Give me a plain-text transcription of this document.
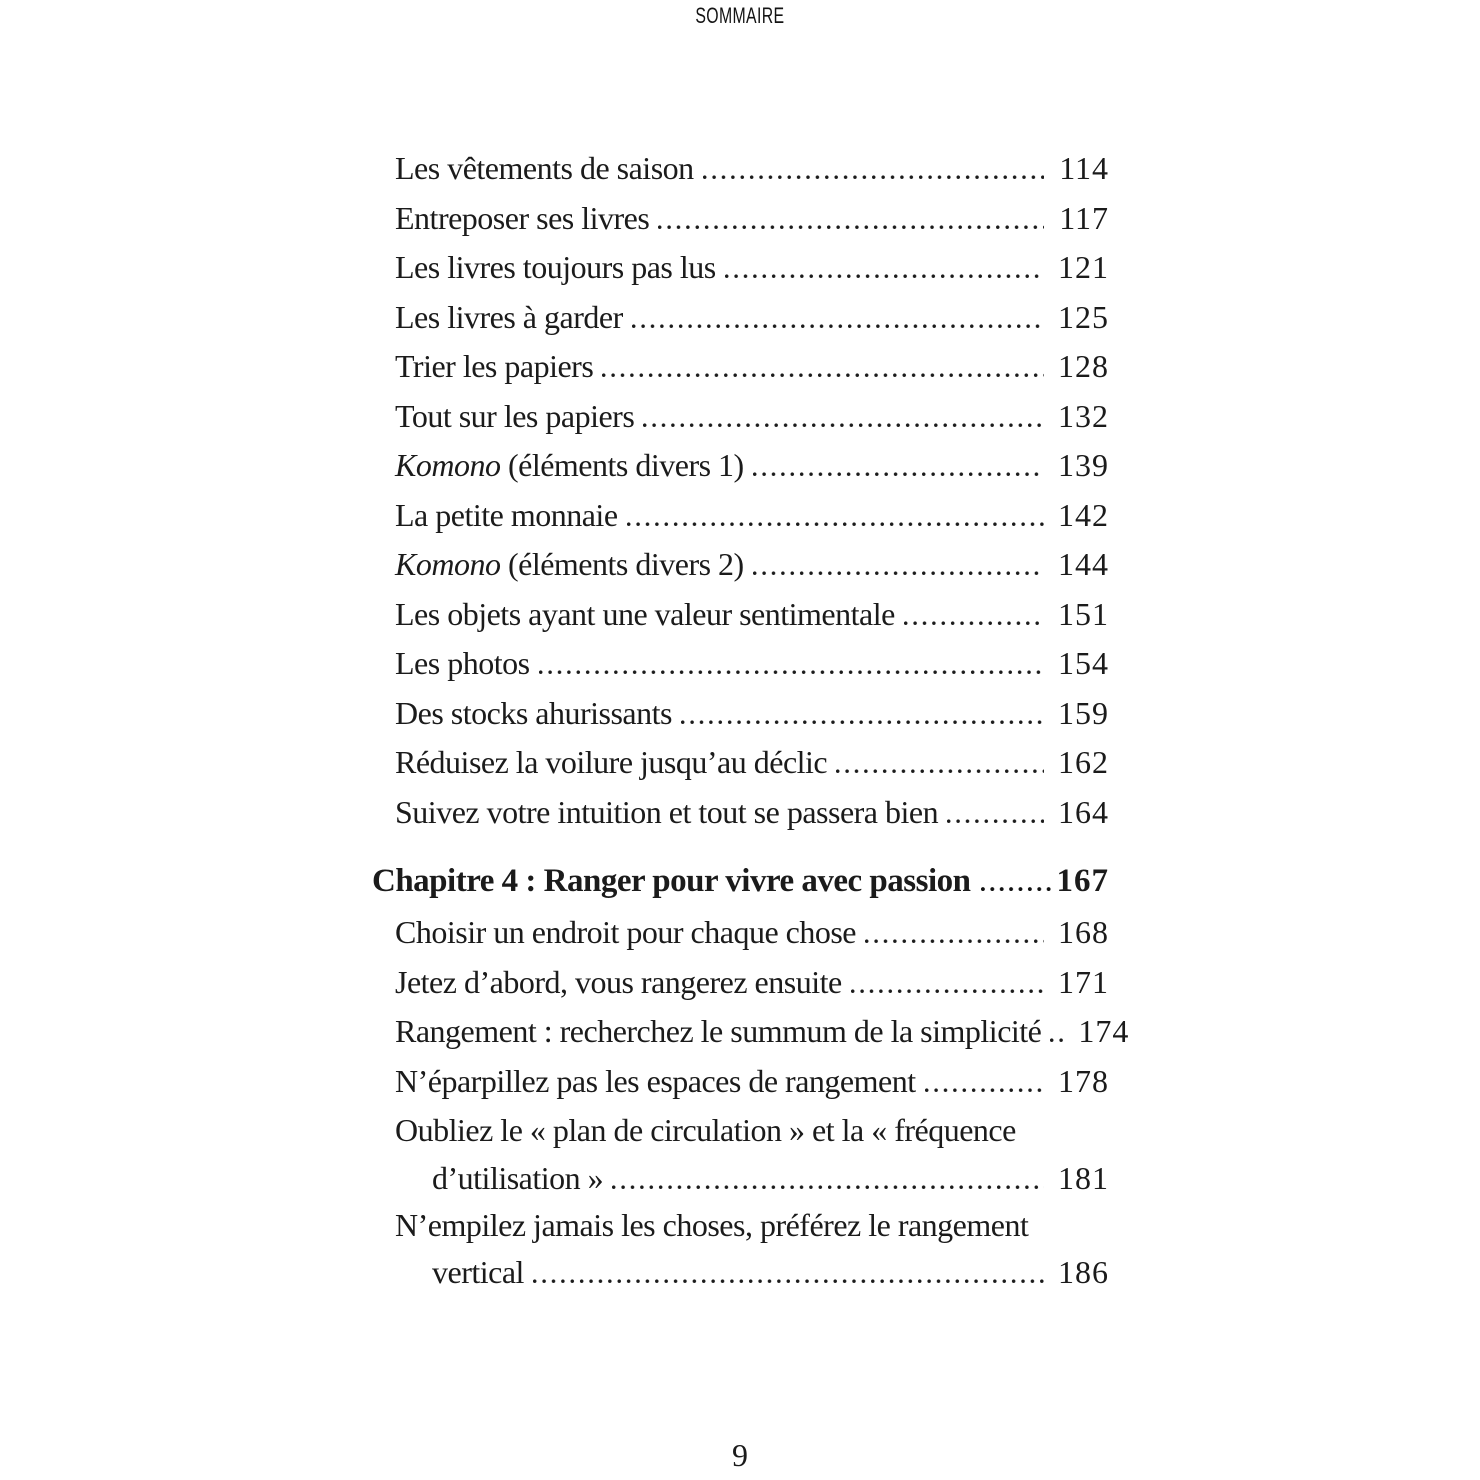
SOMMAIRE
Les vêtements de saison	114
Entreposer ses livres	117
Les livres toujours pas lus	121
Les livres à garder	125
Trier les papiers	128
Tout sur les papiers	132
Komono (éléments divers 1)	139
La petite monnaie	142
Komono (éléments divers 2)	144
Les objets ayant une valeur sentimentale	151
Les photos	154
Des stocks ahurissants	159
Réduisez la voilure jusqu’au déclic	162
Suivez votre intuition et tout se passera bien	164
Chapitre 4 : Ranger pour vivre avec passion	167
Choisir un endroit pour chaque chose	168
Jetez d’abord, vous rangerez ensuite	171
Rangement : recherchez le summum de la simplicité 174
N’éparpillez pas les espaces de rangement	178
Oubliez le « plan de circulation » et la « fréquence
d’utilisation »	181
N’empilez jamais les choses, préférez le rangement
vertical	186
9
